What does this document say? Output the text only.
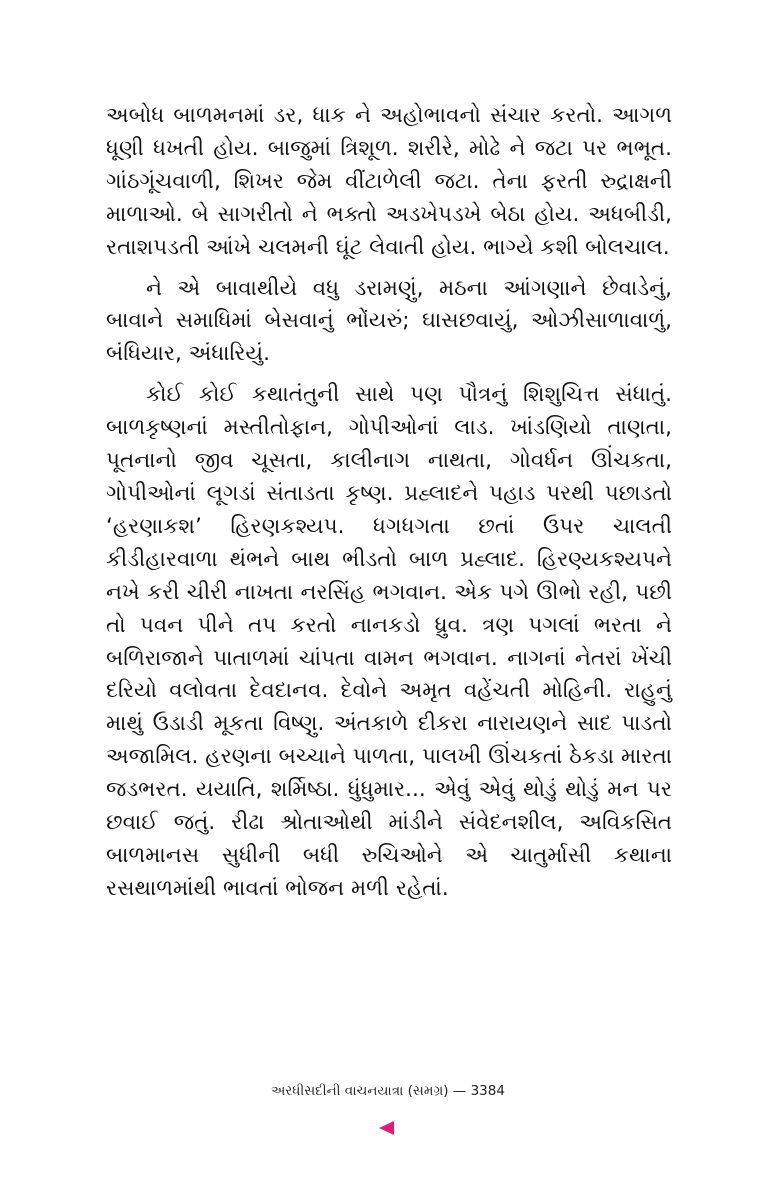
અબોધ બાળમનમાં ડર, ધાક ને અહોભાવનો સંચાર કરતો. આગળ ધૂણી ધખતી હોય. બાજુમાં ત્રિશૂળ. શરીરે, મોઢે ને જટા પર ભભૂત. ગાંઠગૂંચવાળી, શિખર જેમ વીંટાળેલી જટા. તેના ફરતી રુદ્રાક્ષની માળાઓ. બે સાગરીતો ને ભક્તો અડખેપડખે બેઠા હોય. અધબીડી, રતાશપડતી આંખે ચલમની ઘૂંટ લેવાતી હોય. ભાગ્યે કશી બોલચાલ.

ને એ બાવાથીયે વધુ ડરામણું, મઠના આંગણાને છેવાડેનું, બાવાને સમાધિમાં બેસવાનું ભોંયરું; ઘાસછવાયું, ઓઝીસાળાવાળું, બંધિયાર, અંધારિયું.

કોઈ કોઈ કથાતંતુની સાથે પણ પૌત્રનું શિશુચિત્ત સંધાતું. બાળકૃષ્ણનાં મસ્તીતોફાન, ગોપીઓનાં લાડ. ખાંડણિયો તાણતા, પૂતનાનો જીવ ચૂસતા, કાલીનાગ નાથતા, ગોવર્ધન ઊંચકતા, ગોપીઓનાં લૂગડાં સંતાડતા કૃષ્ણ. પ્રહ્લાદને પહાડ પરથી પછાડતો ‘હરણાકશ’ હિરણકશ્યપ. ધગધગતા છતાં ઉપર ચાલતી કીડીહારવાળા થંભને બાથ ભીડતો બાળ પ્રહ્લાદ. હિરણ્યકશ્યપને નખે કરી ચીરી નાખતા નરસિંહ ભગવાન. એક પગે ઊભો રહી, પછી તો પવન પીને તપ કરતો નાનકડો ધ્રુવ. ત્રણ પગલાં ભરતા ને બળિરાજાને પાતાળમાં ચાંપતા વામન ભગવાન. નાગનાં નેતરાં ખેંચી દરિયો વલોવતા દેવદાનવ. દેવોને અમૃત વહેંચતી મોહિની. રાહુનું માથું ઉડાડી મૂકતા વિષ્ણુ. અંતકાળે દીકરા નારાયણને સાદ પાડતો અજામિલ. હરણના બચ્ચાને પાળતા, પાલખી ઊંચકતાં ઠેકડા મારતા જડભરત. યયાતિ, શર્મિષ્ઠા. ધુંધુમાર... એવું એવું થોડું થોડું મન પર છવાઈ જતું. રીઢા શ્રોતાઓથી માંડીને સંવેદનશીલ, અવિકસિત બાળમાનસ સુધીની બધી રુચિઓને એ ચાતુર્માસી કથાના રસથાળમાંથી ભાવતાં ભોજન મળી રહેતાં.

અરધીસદીની વાચનયાત્રા (સમગ્ર) — 3384
